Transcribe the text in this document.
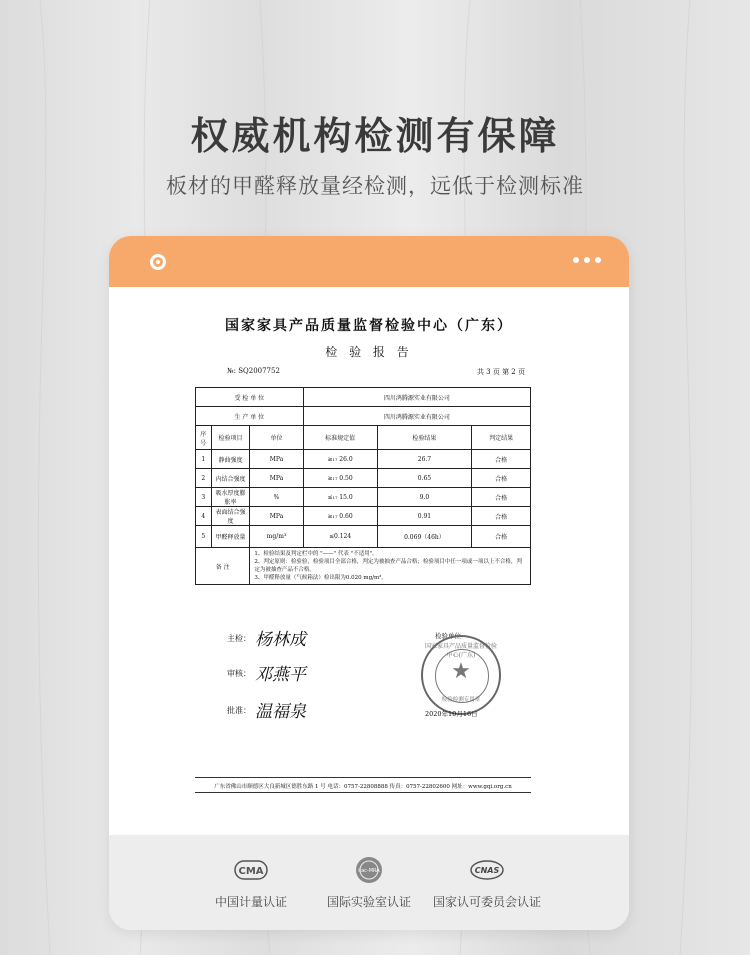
权威机构检测有保障
板材的甲醛释放量经检测，远低于检测标准
国家家具产品质量监督检验中心（广东）
检 验 报 告
№: SQ2007752	共 3 页 第 2 页
受 检 单 位			四川鸿腾源实业有限公司		
生 产 单 位			四川鸿腾源实业有限公司		
序号	检验项目	单位	标准规定值	检验结果	判定结果
1	静曲强度	MPa	≥₁₇ 26.0	26.7	合格
2	内结合强度	MPa	≥₁₇ 0.50	0.65	合格
3	吸水厚度膨胀率	%	≤₁₇ 15.0	9.0	合格
4	表面结合强度	MPa	≥₁₇ 0.60	0.91	合格
5	甲醛释放量	mg/m³	≤0.124	0.069（46h）	合格
备 注		1、检验结果及判定栏中的 "——" 代表 "不适用"。
2、判定原则：检验验，检验项目全部合格，判定为被抽查产品合格；检验项目中任一项或一项以上不合格，判定为被抽查产品不合格。
3、甲醛释放量（气候箱法）检出限为0.020 mg/m³。			
主检： 杨林成
审核： 邓燕平
批准： 温福泉
检验单位
国家家具产品质量监督检验中心(广东)
★
检验检测专用章
2020年10月16日
广东省佛山市顺德区大良新城区德胜东路 1 号 电话：0757-22808888 传真：0757-22802600 网址：www.gqi.org.cn
CMA
中国计量认证
ilac-MRA
国际实验室认证
CNAS
国家认可委员会认证
